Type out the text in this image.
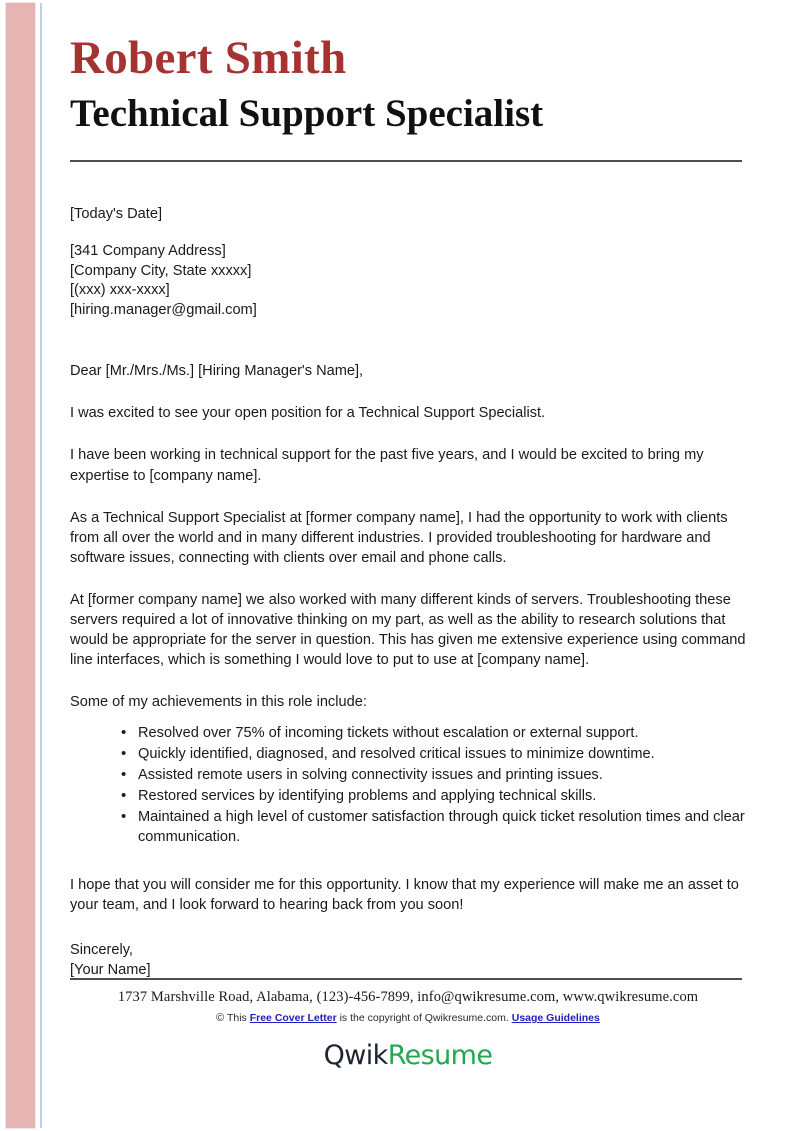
Robert Smith
Technical Support Specialist
[Today's Date]
[341 Company Address]
[Company City, State xxxxx]
[(xxx) xxx-xxxx]
[hiring.manager@gmail.com]

Dear [Mr./Mrs./Ms.] [Hiring Manager's Name],

I was excited to see your open position for a Technical Support Specialist.

I have been working in technical support for the past five years, and I would be excited to bring my expertise to [company name].

As a Technical Support Specialist at [former company name], I had the opportunity to work with clients from all over the world and in many different industries. I provided troubleshooting for hardware and software issues, connecting with clients over email and phone calls.

At [former company name] we also worked with many different kinds of servers. Troubleshooting these servers required a lot of innovative thinking on my part, as well as the ability to research solutions that would be appropriate for the server in question. This has given me extensive experience using command line interfaces, which is something I would love to put to use at [company name].

Some of my achievements in this role include:

• Resolved over 75% of incoming tickets without escalation or external support.
• Quickly identified, diagnosed, and resolved critical issues to minimize downtime.
• Assisted remote users in solving connectivity issues and printing issues.
• Restored services by identifying problems and applying technical skills.
• Maintained a high level of customer satisfaction through quick ticket resolution times and clear communication.

I hope that you will consider me for this opportunity. I know that my experience will make me an asset to your team, and I look forward to hearing back from you soon!

Sincerely,
[Your Name]
1737 Marshville Road, Alabama, (123)-456-7899, info@qwikresume.com, www.qwikresume.com
© This Free Cover Letter is the copyright of Qwikresume.com. Usage Guidelines
QwikResume
